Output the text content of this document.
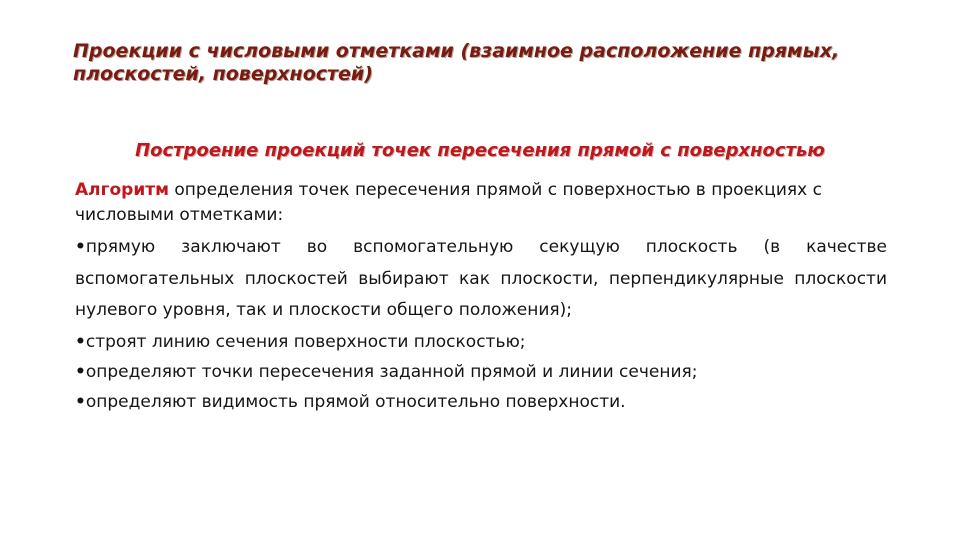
Проекции с числовыми отметками (взаимное расположение прямых, плоскостей, поверхностей)
Построение проекций точек пересечения прямой с поверхностью

Алгоритм определения точек пересечения прямой с поверхностью в проекциях с числовыми отметками:

•прямую заключают во вспомогательную секущую плоскость (в качестве вспомогательных плоскостей выбирают как плоскости, перпендикулярные плоскости нулевого уровня, так и плоскости общего положения);

•строят линию сечения поверхности плоскостью;

•определяют точки пересечения заданной прямой и линии сечения;

•определяют видимость прямой относительно поверхности.
